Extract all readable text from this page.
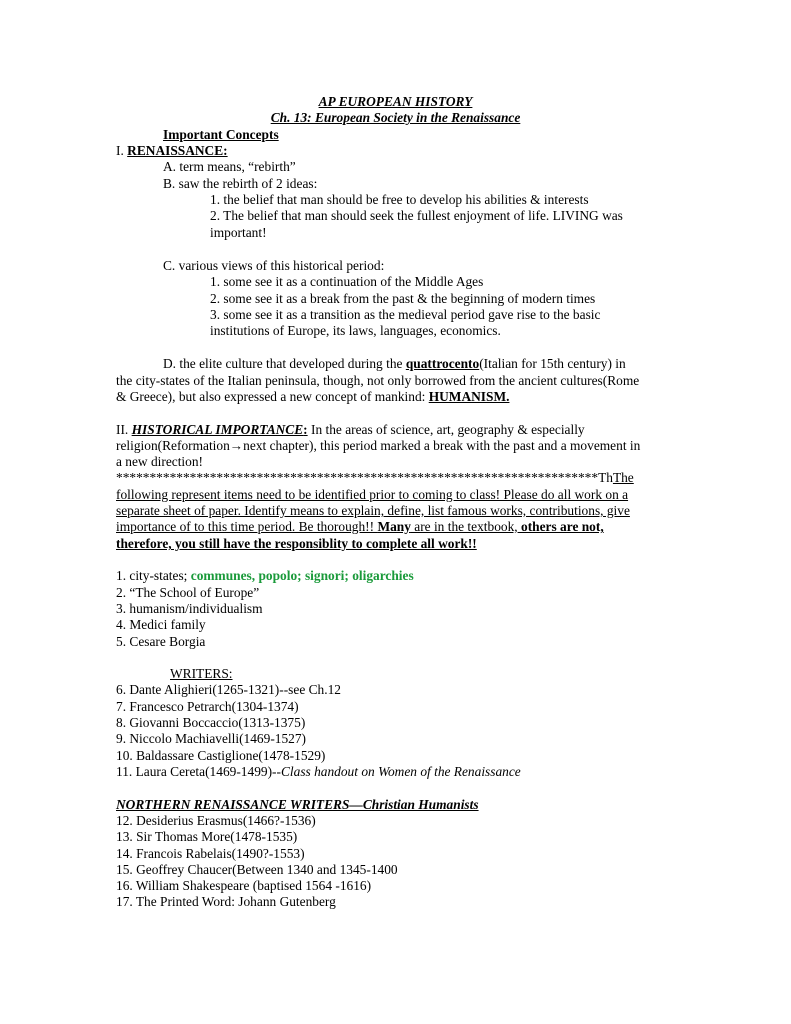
AP EUROPEAN HISTORY
Ch. 13: European Society in the Renaissance
Important Concepts
I. RENAISSANCE:
A. term means, “rebirth”
B. saw the rebirth of 2 ideas:
1. the belief that man should be free to develop his abilities & interests
2. The belief that man should seek the fullest enjoyment of life. LIVING was
important!
C. various views of this historical period:
1. some see it as a continuation of the Middle Ages
2. some see it as a break from the past & the beginning of modern times
3. some see it as a transition as the medieval period gave rise to the basic
institutions of Europe, its laws, languages, economics.
D. the elite culture that developed during the quattrocento(Italian for 15th century) in
the city-states of the Italian peninsula, though, not only borrowed from the ancient cultures(Rome
& Greece), but also expressed a new concept of mankind: HUMANISM.
II. HISTORICAL IMPORTANCE: In the areas of science, art, geography & especially
religion(Reformation→next chapter), this period marked a break with the past and a movement in
a new direction!
************************************************************************ThThe
following represent items need to be identified prior to coming to class! Please do all work on a
separate sheet of paper. Identify means to explain, define, list famous works, contributions, give
importance of to this time period. Be thorough!! Many are in the textbook, others are not,
therefore, you still have the responsiblity to complete all work!!
1. city-states; communes, popolo; signori; oligarchies
2. “The School of Europe”
3. humanism/individualism
4. Medici family
5. Cesare Borgia
WRITERS:
6. Dante Alighieri(1265-1321)--see Ch.12
7. Francesco Petrarch(1304-1374)
8. Giovanni Boccaccio(1313-1375)
9. Niccolo Machiavelli(1469-1527)
10. Baldassare Castiglione(1478-1529)
11. Laura Cereta(1469-1499)--Class handout on Women of the Renaissance
NORTHERN RENAISSANCE WRITERS—Christian Humanists
12. Desiderius Erasmus(1466?-1536)
13. Sir Thomas More(1478-1535)
14. Francois Rabelais(1490?-1553)
15. Geoffrey Chaucer(Between 1340 and 1345-1400
16. William Shakespeare (baptised 1564 -1616)
17. The Printed Word: Johann Gutenberg
